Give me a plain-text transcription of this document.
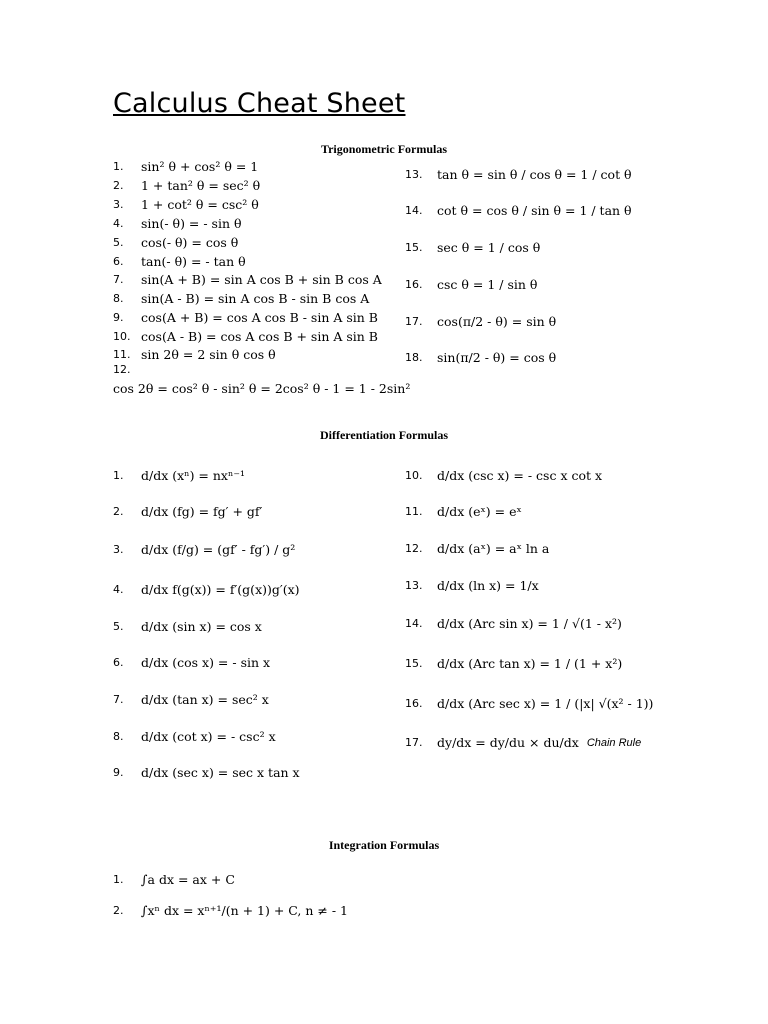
Calculus Cheat Sheet
Trigonometric Formulas
1.	sin² θ + cos² θ = 1
2.	1 + tan² θ = sec² θ
3.	1 + cot² θ = csc² θ
4.	sin(- θ) = - sin θ
5.	cos(- θ) = cos θ
6.	tan(- θ) = - tan θ
7.	sin(A + B) = sin A cos B + sin B cos A
8.	sin(A - B) = sin A cos B - sin B cos A
9.	cos(A + B) = cos A cos B - sin A sin B
10. cos(A - B) = cos A cos B + sin A sin B
11. sin 2θ = 2 sin θ cos θ
12.
cos 2θ = cos² θ - sin² θ = 2cos² θ - 1 = 1 - 2sin²
13.	tan θ = sin θ / cos θ = 1 / cot θ
14.	cot θ = cos θ / sin θ = 1 / tan θ
15.	sec θ = 1 / cos θ
16.	csc θ = 1 / sin θ
17.	cos(π/2 - θ) = sin θ
18.	sin(π/2 - θ) = cos θ
Differentiation Formulas
1.	d/dx (xⁿ) = nxⁿ⁻¹
2.	d/dx (fg) = fg′ + gf′
3.	d/dx (f/g) = (gf′ - fg′) / g²
4.	d/dx f(g(x)) = f′(g(x))g′(x)
5.	d/dx (sin x) = cos x
6.	d/dx (cos x) = - sin x
7.	d/dx (tan x) = sec² x
8.	d/dx (cot x) = - csc² x
9.	d/dx (sec x) = sec x tan x
10.	d/dx (csc x) = - csc x cot x
11.	d/dx (eˣ) = eˣ
12.	d/dx (aˣ) = aˣ ln a
13.	d/dx (ln x) = 1/x
14.	d/dx (Arc sin x) = 1 / √(1 - x²)
15.	d/dx (Arc tan x) = 1 / (1 + x²)
16.	d/dx (Arc sec x) = 1 / (|x| √(x² - 1))
17.	dy/dx = dy/du × du/dx Chain Rule
Integration Formulas
1.	∫a dx = ax + C
2.	∫xⁿ dx = xⁿ⁺¹/(n + 1) + C, n ≠ - 1
